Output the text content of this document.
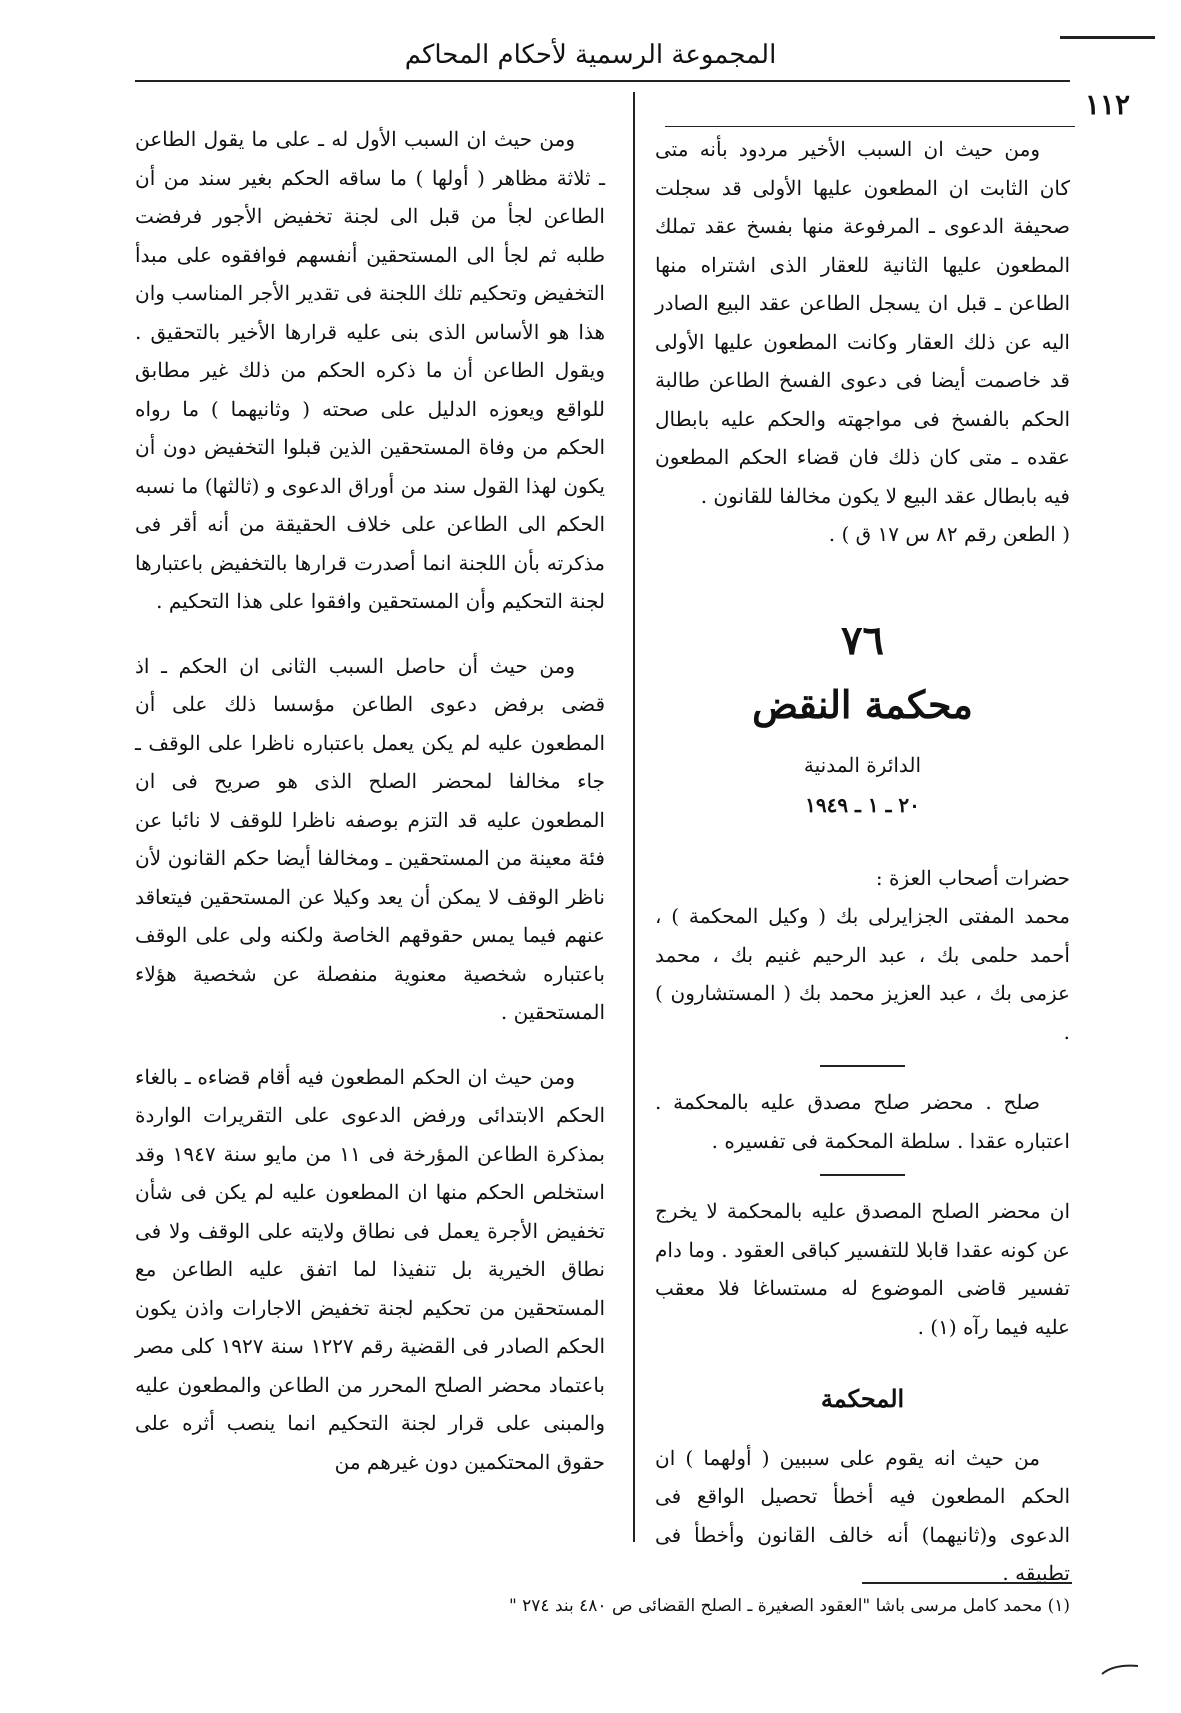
المجموعة الرسمية لأحكام المحاكم
١١٢

ومن حيث ان السبب الأول له ـ على ما يقول الطاعن ـ ثلاثة مظاهر ( أولها ) ما ساقه الحكم بغير سند من أن الطاعن لجأ من قبل الى لجنة تخفيض الأجور فرفضت طلبه ثم لجأ الى المستحقين أنفسهم فوافقوه على مبدأ التخفيض وتحكيم تلك اللجنة فى تقدير الأجر المناسب وان هذا هو الأساس الذى بنى عليه قرارها الأخير بالتحقيق . ويقول الطاعن أن ما ذكره الحكم من ذلك غير مطابق للواقع ويعوزه الدليل على صحته ( وثانيهما ) ما رواه الحكم من وفاة المستحقين الذين قبلوا التخفيض دون أن يكون لهذا القول سند من أوراق الدعوى و (ثالثها) ما نسبه الحكم الى الطاعن على خلاف الحقيقة من أنه أقر فى مذكرته بأن اللجنة انما أصدرت قرارها بالتخفيض باعتبارها لجنة التحكيم وأن المستحقين وافقوا على هذا التحكيم .

ومن حيث أن حاصل السبب الثانى ان الحكم ـ اذ قضى برفض دعوى الطاعن مؤسسا ذلك على أن المطعون عليه لم يكن يعمل باعتباره ناظرا على الوقف ـ جاء مخالفا لمحضر الصلح الذى هو صريح فى ان المطعون عليه قد التزم بوصفه ناظرا للوقف لا نائبا عن فئة معينة من المستحقين ـ ومخالفا أيضا حكم القانون لأن ناظر الوقف لا يمكن أن يعد وكيلا عن المستحقين فيتعاقد عنهم فيما يمس حقوقهم الخاصة ولكنه ولى على الوقف باعتباره شخصية معنوية منفصلة عن شخصية هؤلاء المستحقين .

ومن حيث ان الحكم المطعون فيه أقام قضاءه ـ بالغاء الحكم الابتدائى ورفض الدعوى على التقريرات الواردة بمذكرة الطاعن المؤرخة فى ١١ من مايو سنة ١٩٤٧ وقد استخلص الحكم منها ان المطعون عليه لم يكن فى شأن تخفيض الأجرة يعمل فى نطاق ولايته على الوقف ولا فى نطاق الخيرية بل تنفيذا لما اتفق عليه الطاعن مع المستحقين من تحكيم لجنة تخفيض الاجارات واذن يكون الحكم الصادر فى القضية رقم ١٢٢٧ سنة ١٩٢٧ كلى مصر باعتماد محضر الصلح المحرر من الطاعن والمطعون عليه والمبنى على قرار لجنة التحكيم انما ينصب أثره على حقوق المحتكمين دون غيرهم من

ومن حيث ان السبب الأخير مردود بأنه متى كان الثابت ان المطعون عليها الأولى قد سجلت صحيفة الدعوى ـ المرفوعة منها بفسخ عقد تملك المطعون عليها الثانية للعقار الذى اشتراه منها الطاعن ـ قبل ان يسجل الطاعن عقد البيع الصادر اليه عن ذلك العقار وكانت المطعون عليها الأولى قد خاصمت أيضا فى دعوى الفسخ الطاعن طالبة الحكم بالفسخ فى مواجهته والحكم عليه بابطال عقده ـ متى كان ذلك فان قضاء الحكم المطعون فيه بابطال عقد البيع لا يكون مخالفا للقانون .

( الطعن رقم ٨٢ س ١٧ ق ) .

٧٦
محكمة النقض
الدائرة المدنية
٢٠ ـ ١ ـ ١٩٤٩

حضرات أصحاب العزة :

محمد المفتى الجزايرلى بك ( وكيل المحكمة ) ، أحمد حلمى بك ، عبد الرحيم غنيم بك ، محمد عزمى بك ، عبد العزيز محمد بك ( المستشارون ) .

صلح . محضر صلح مصدق عليه بالمحكمة . اعتباره عقدا . سلطة المحكمة فى تفسيره .

ان محضر الصلح المصدق عليه بالمحكمة لا يخرج عن كونه عقدا قابلا للتفسير كباقى العقود . وما دام تفسير قاضى الموضوع له مستساغا فلا معقب عليه فيما رآه (١) .

المحكمة

من حيث انه يقوم على سببين ( أولهما ) ان الحكم المطعون فيه أخطأ تحصيل الواقع فى الدعوى و(ثانيهما) أنه خالف القانون وأخطأ فى تطبيقه .

(١) محمد كامل مرسى باشا "العقود الصغيرة ـ الصلح القضائى ص ٤٨٠ بند ٢٧٤ "
